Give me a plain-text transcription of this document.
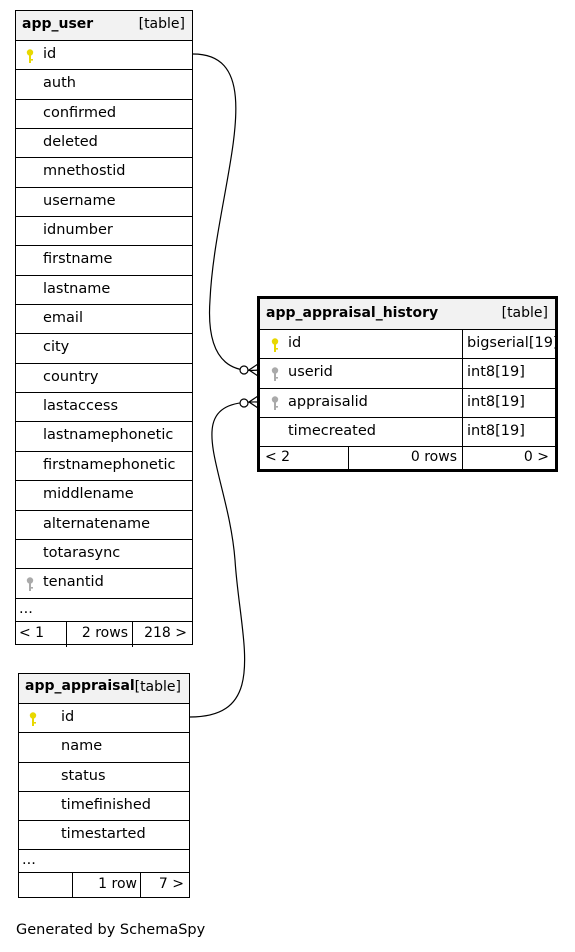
app_user	[table]
id
auth
confirmed
deleted
mnethostid
username
idnumber
firstname
lastname
email
city
country
lastaccess
lastnamephonetic
firstnamephonetic
middlename
alternatename
totarasync
tenantid
...
< 1	2 rows	218 >
app_appraisal_history	[table]
id	bigserial[19]
userid	int8[19]
appraisalid	int8[19]
timecreated	int8[19]
< 2	0 rows	0 >
app_appraisal [table]
id
name
status
timefinished
timestarted
...
1 row	7 >
Generated by SchemaSpy
